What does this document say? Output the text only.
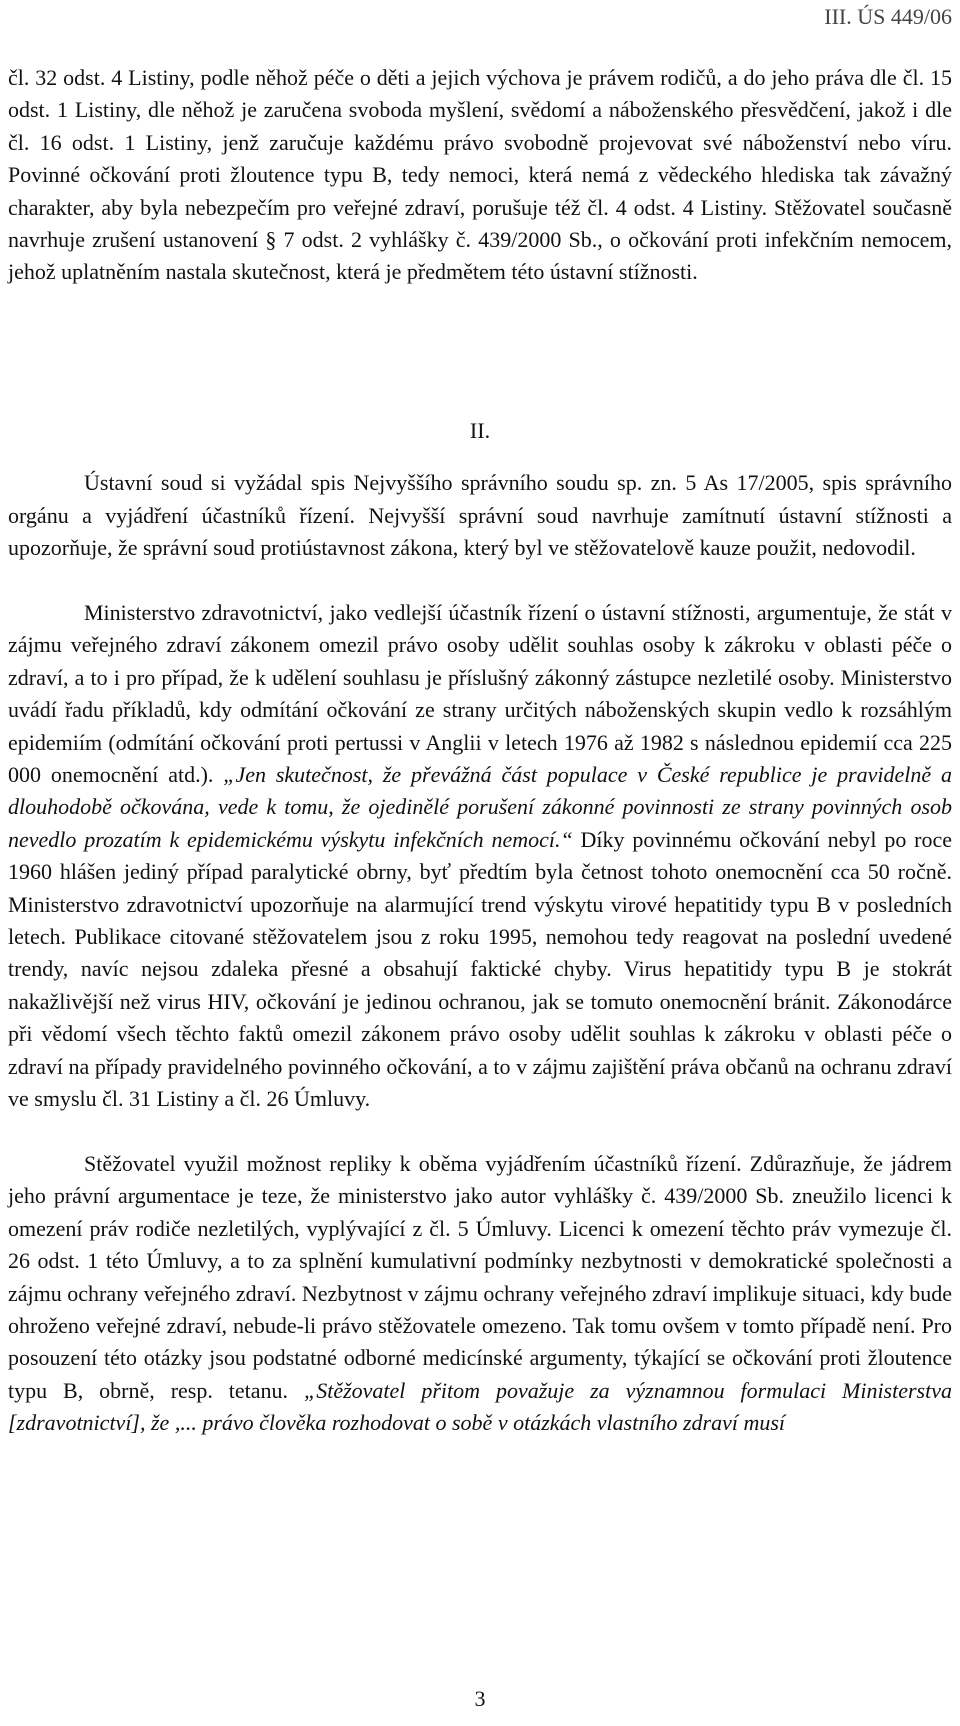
III. ÚS 449/06

čl. 32 odst. 4 Listiny, podle něhož péče o děti a jejich výchova je právem rodičů, a do jeho práva dle čl. 15 odst. 1 Listiny, dle něhož je zaručena svoboda myšlení, svědomí a náboženského přesvědčení, jakož i dle čl. 16 odst. 1 Listiny, jenž zaručuje každému právo svobodně projevovat své náboženství nebo víru. Povinné očkování proti žloutence typu B, tedy nemoci, která nemá z vědeckého hlediska tak závažný charakter, aby byla nebezpečím pro veřejné zdraví, porušuje též čl. 4 odst. 4 Listiny. Stěžovatel současně navrhuje zrušení ustanovení § 7 odst. 2 vyhlášky č. 439/2000 Sb., o očkování proti infekčním nemocem, jehož uplatněním nastala skutečnost, která je předmětem této ústavní stížnosti.

II.

Ústavní soud si vyžádal spis Nejvyššího správního soudu sp. zn. 5 As 17/2005, spis správního orgánu a vyjádření účastníků řízení. Nejvyšší správní soud navrhuje zamítnutí ústavní stížnosti a upozorňuje, že správní soud protiústavnost zákona, který byl ve stěžovatelově kauze použit, nedovodil.

Ministerstvo zdravotnictví, jako vedlejší účastník řízení o ústavní stížnosti, argumentuje, že stát v zájmu veřejného zdraví zákonem omezil právo osoby udělit souhlas osoby k zákroku v oblasti péče o zdraví, a to i pro případ, že k udělení souhlasu je příslušný zákonný zástupce nezletilé osoby. Ministerstvo uvádí řadu příkladů, kdy odmítání očkování ze strany určitých náboženských skupin vedlo k rozsáhlým epidemiím (odmítání očkování proti pertussi v Anglii v letech 1976 až 1982 s následnou epidemií cca 225 000 onemocnění atd.). „Jen skutečnost, že převážná část populace v České republice je pravidelně a dlouhodobě očkována, vede k tomu, že ojedinělé porušení zákonné povinnosti ze strany povinných osob nevedlo prozatím k epidemickému výskytu infekčních nemocí.“ Díky povinnému očkování nebyl po roce 1960 hlášen jediný případ paralytické obrny, byť předtím byla četnost tohoto onemocnění cca 50 ročně. Ministerstvo zdravotnictví upozorňuje na alarmující trend výskytu virové hepatitidy typu B v posledních letech. Publikace citované stěžovatelem jsou z roku 1995, nemohou tedy reagovat na poslední uvedené trendy, navíc nejsou zdaleka přesné a obsahují faktické chyby. Virus hepatitidy typu B je stokrát nakažlivější než virus HIV, očkování je jedinou ochranou, jak se tomuto onemocnění bránit. Zákonodárce při vědomí všech těchto faktů omezil zákonem právo osoby udělit souhlas k zákroku v oblasti péče o zdraví na případy pravidelného povinného očkování, a to v zájmu zajištění práva občanů na ochranu zdraví ve smyslu čl. 31 Listiny a čl. 26 Úmluvy.

Stěžovatel využil možnost repliky k oběma vyjádřením účastníků řízení. Zdůrazňuje, že jádrem jeho právní argumentace je teze, že ministerstvo jako autor vyhlášky č. 439/2000 Sb. zneužilo licenci k omezení práv rodiče nezletilých, vyplývající z čl. 5 Úmluvy. Licenci k omezení těchto práv vymezuje čl. 26 odst. 1 této Úmluvy, a to za splnění kumulativní podmínky nezbytnosti v demokratické společnosti a zájmu ochrany veřejného zdraví. Nezbytnost v zájmu ochrany veřejného zdraví implikuje situaci, kdy bude ohroženo veřejné zdraví, nebude-li právo stěžovatele omezeno. Tak tomu ovšem v tomto případě není. Pro posouzení této otázky jsou podstatné odborné medicínské argumenty, týkající se očkování proti žloutence typu B, obrně, resp. tetanu. „Stěžovatel přitom považuje za významnou formulaci Ministerstva [zdravotnictví], že ,... právo člověka rozhodovat o sobě v otázkách vlastního zdraví musí

3
